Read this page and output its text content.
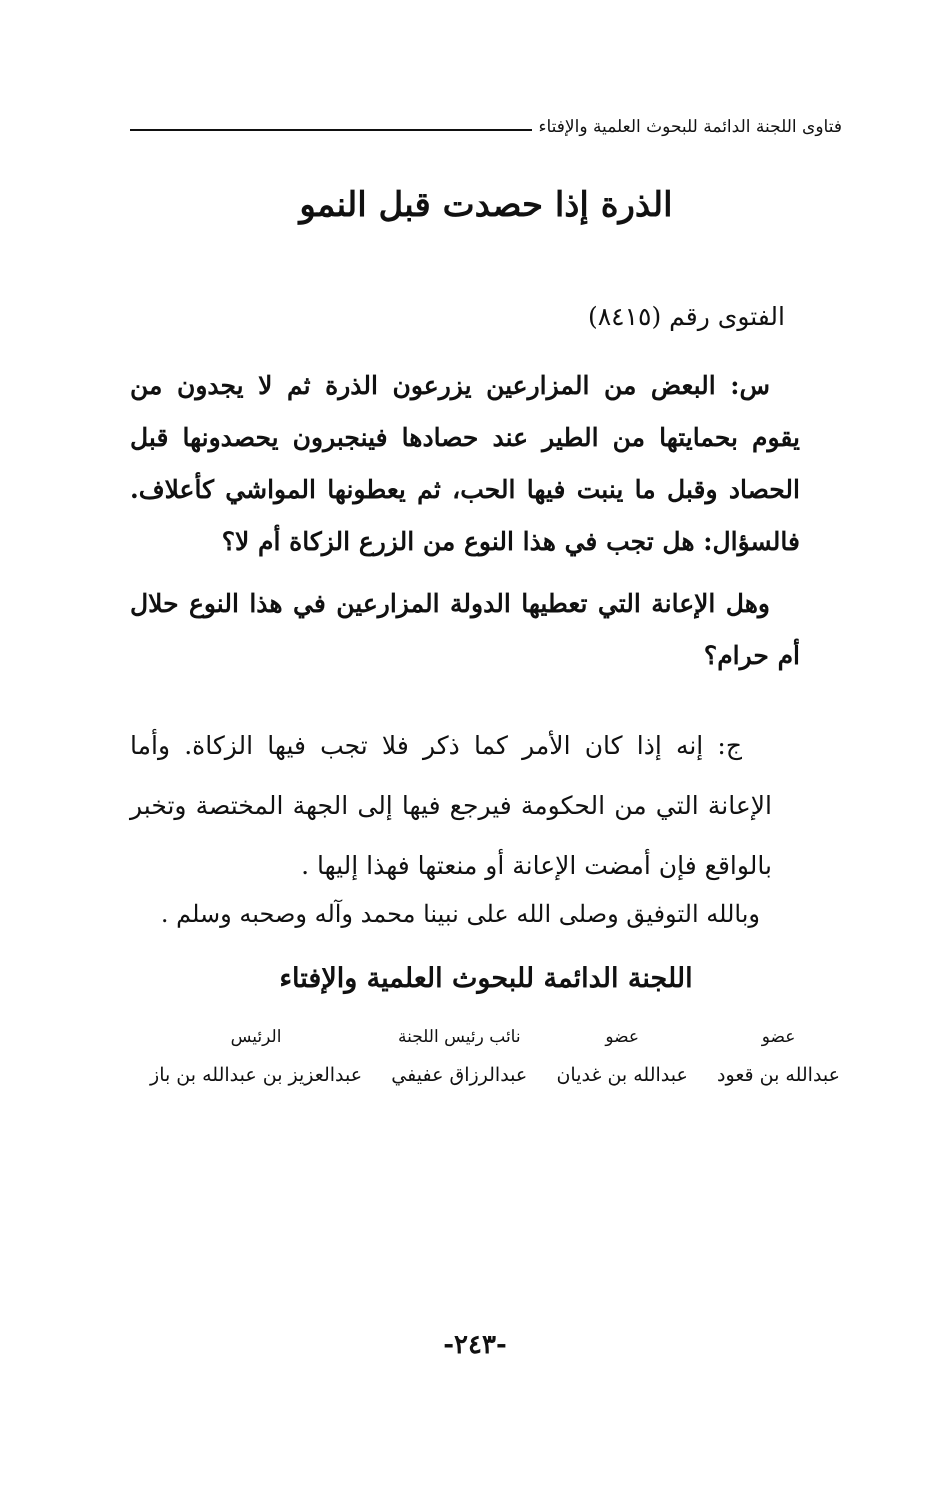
فتاوى اللجنة الدائمة للبحوث العلمية والإفتاء
الذرة إذا حصدت قبل النمو
الفتوى رقم (٨٤١٥)

س: البعض من المزارعين يزرعون الذرة ثم لا يجدون من يقوم بحمايتها من الطير عند حصادها فينجبرون يحصدونها قبل الحصاد وقبل ما ينبت فيها الحب، ثم يعطونها المواشي كأعلاف. فالسؤال: هل تجب في هذا النوع من الزرع الزكاة أم لا؟

وهل الإعانة التي تعطيها الدولة المزارعين في هذا النوع حلال أم حرام؟

ج: إنه إذا كان الأمر كما ذكر فلا تجب فيها الزكاة. وأما الإعانة التي من الحكومة فيرجع فيها إلى الجهة المختصة وتخبر بالواقع فإن أمضت الإعانة أو منعتها فهذا إليها .

وبالله التوفيق وصلى الله على نبينا محمد وآله وصحبه وسلم .
اللجنة الدائمة للبحوث العلمية والإفتاء
عضو
عبدالله بن قعود
عضو
عبدالله بن غديان
نائب رئيس اللجنة
عبدالرزاق عفيفي
الرئيس
عبدالعزيز بن عبدالله بن باز
-٢٤٣-
